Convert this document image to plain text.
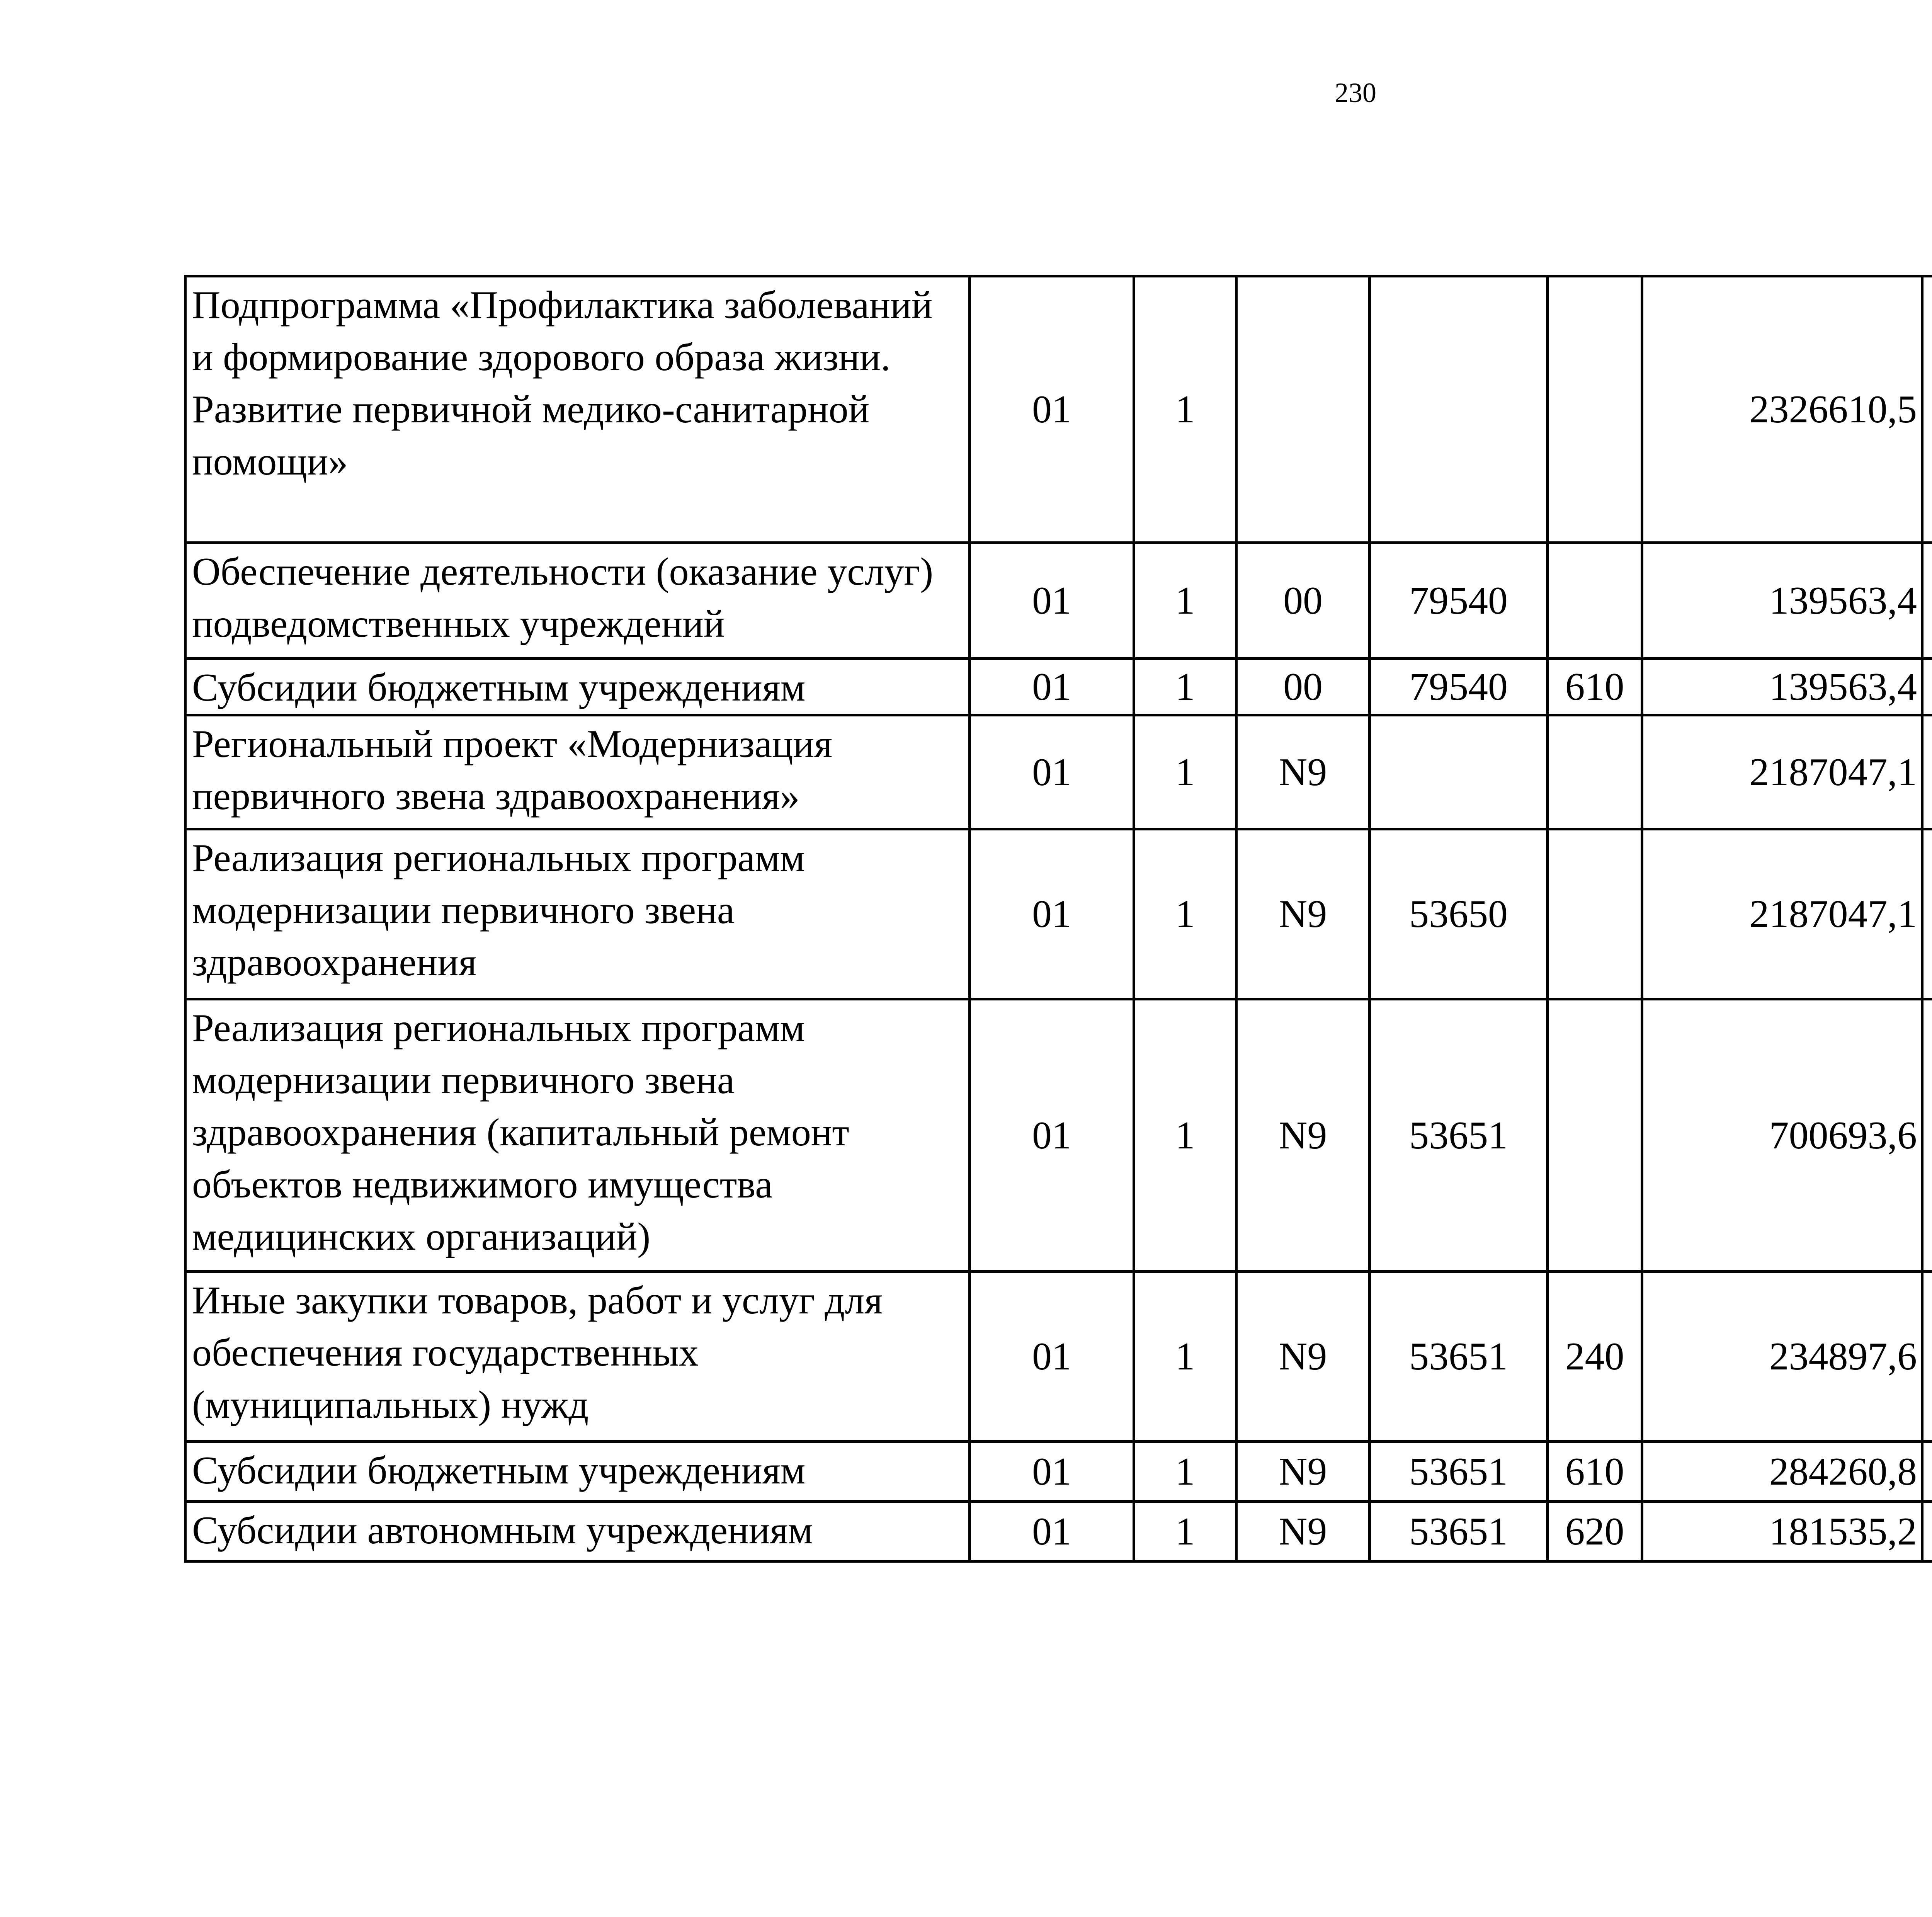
230
Подпрограмма «Профилактика заболеваний и формирование здорового образа жизни. Развитие первичной медико-санитарной помощи»	01	1				2326610,5		
Обеспечение деятельности (оказание услуг) подведомственных учреждений	01	1	00	79540		139563,4		
Субсидии бюджетным учреждениям	01	1	00	79540	610	139563,4		
Региональный проект «Модернизация первичного звена здравоохранения»	01	1	N9			2187047,1		
Реализация региональных программ модернизации первичного звена здравоохранения	01	1	N9	53650		2187047,1		
Реализация региональных программ модернизации первичного звена здравоохранения (капитальный ремонт объектов недвижимого имущества медицинских организаций)	01	1	N9	53651		700693,6		
Иные закупки товаров, работ и услуг для обеспечения государственных (муниципальных) нужд	01	1	N9	53651	240	234897,6		
Субсидии бюджетным учреждениям	01	1	N9	53651	610	284260,8		
Субсидии автономным учреждениям	01	1	N9	53651	620	181535,2		
